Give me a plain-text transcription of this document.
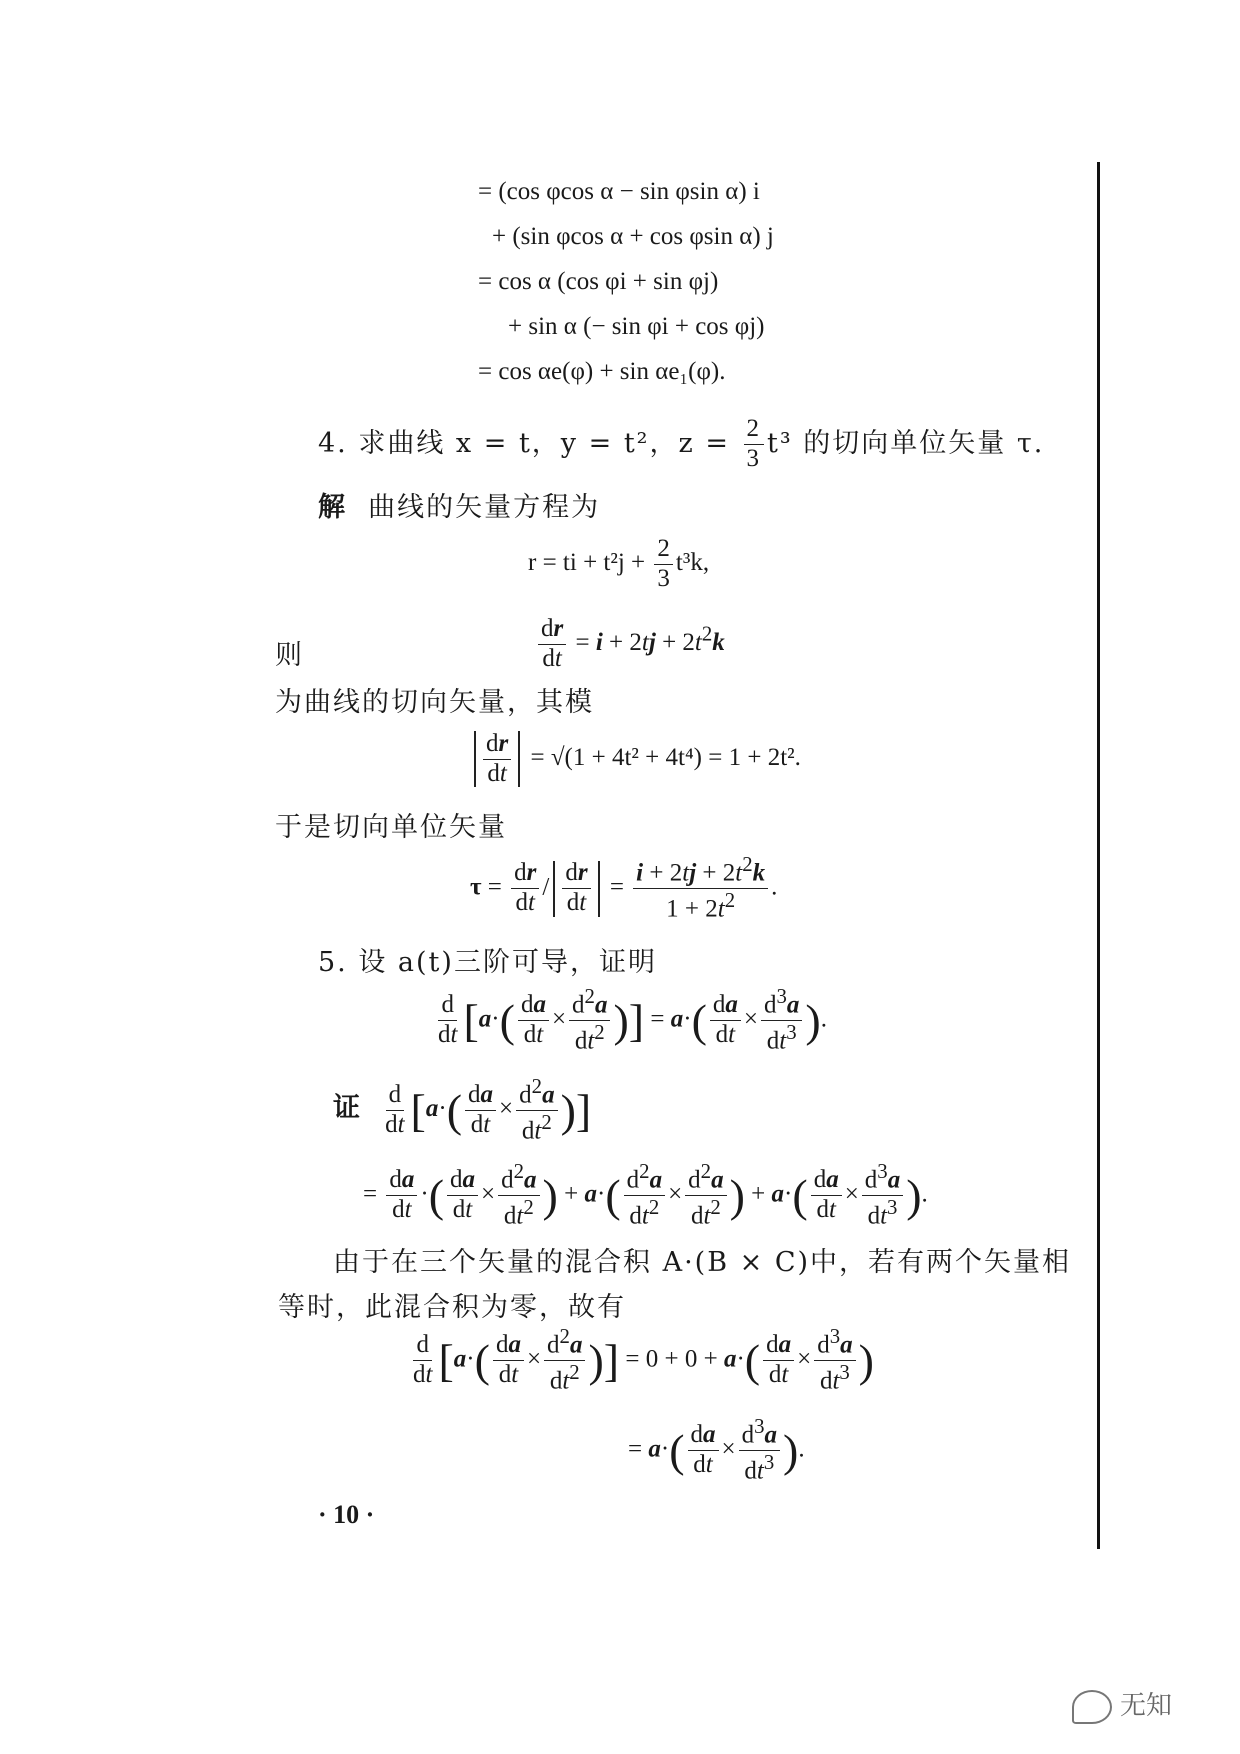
= (cos φcos α − sin φsin α) i
+ (sin φcos α + cos φsin α) j
= cos α (cos φi + sin φj)
+ sin α (− sin φi + cos φj)
= cos αe(φ) + sin αe₁(φ).
4. 求曲线 x = t，y = t²，$z = \frac{2}{3} t^3$ 的切向单位矢量 τ.
解 曲线的矢量方程为
r = ti + $t^2j + \frac{2}{3} t^3k$,
则	$\frac{dr}{dt} = i + 2tj + 2t^2k$
为曲线的切向矢量，其模
$\frac{dr}{dt} = √(1 + 4t^2 + 4t^4) = 1 + 2t^2$.
于是切向单位矢量
$\tau = \frac{dr}{dt} / \frac{dr}{dt} = \frac{i + 2tj + 2t^2k}{1 + 2t^2}$ .
5. 设 a(t)三阶可导，证明
$\frac{d}{dt} [a\cdot( \frac{da}{dt} \times \frac{d^2a}{dt^2}$ )] = $a\cdot( \frac{da}{dt} \times \frac{d^3a}{dt^3}$ ).
证 $\frac{d}{dt} [a\cdot( \frac{da}{dt} \times \frac{d^2a}{dt^2}$ )]
= $\frac{da}{dt}$ ·( $\frac{da}{dt} \times \frac{d^2a}{dt^2}$ ) + $a\cdot( \frac{d^2a}{dt^2} \times \frac{d^2a}{dt^2}$ ) + $a\cdot( \frac{da}{dt} \times \frac{d^3a}{dt^3}$ ).
由于在三个矢量的混合积 A·(B × C)中，若有两个矢量相
等时，此混合积为零，故有
$\frac{d}{dt} [a\cdot( \frac{da}{dt} \times \frac{d^2a}{dt^2}$ )] = $0 + 0 + a\cdot( \frac{da}{dt} \times \frac{d^3a}{dt^3}$ )
= $a\cdot( \frac{da}{dt} \times \frac{d^3a}{dt^3}$ ).
· 10 ·
无知
